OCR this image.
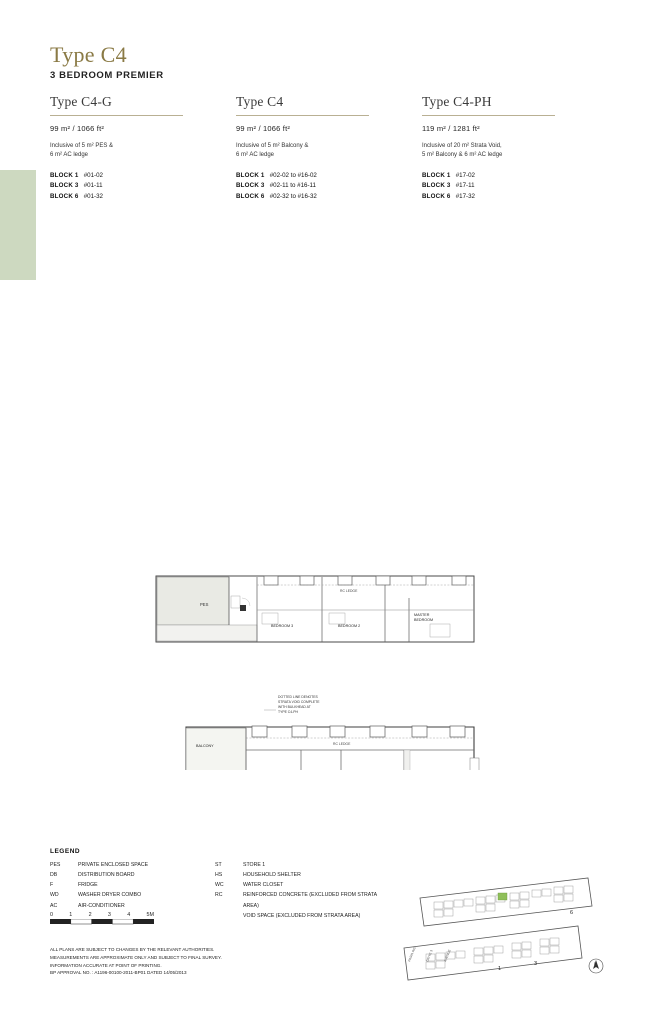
Type C4
3 BEDROOM PREMIER
Type C4-G
99 m² / 1066 ft²
Inclusive of 5 m² PES &
6 m² AC ledge
BLOCK 1 #01-02
BLOCK 3 #01-11
BLOCK 6 #01-32
Type C4
99 m² / 1066 ft²
Inclusive of 5 m² Balcony &
6 m² AC ledge
BLOCK 1 #02-02 to #16-02
BLOCK 3 #02-11 to #16-11
BLOCK 6 #02-32 to #16-32
Type C4-PH
119 m² / 1281 ft²
Inclusive of 20 m² Strata Void,
5 m² Balcony & 6 m² AC ledge
BLOCK 1 #17-02
BLOCK 3 #17-11
BLOCK 6 #17-32
PES
RC LEDGE
BEDROOM 3	BEDROOM 2
MASTER
BEDROOM
DOTTED LINE DENOTES
STRATA VOID COMPLETE
WITH BULKHEAD AT
TYPE C4-PH
BALCONY	RC LEDGE
LEGEND
PES	PRIVATE ENCLOSED SPACE
DB	DISTRIBUTION BOARD
F	FRIDGE
WD	WASHER DRYER COMBO
AC	AIR-CONDITIONER
ST	STORE 1
HS	HOUSEHOLD SHELTER
WC	WATER CLOSET
RC	REINFORCED CONCRETE (EXCLUDED FROM STRATA AREA)
VOID SPACE (EXCLUDED FROM STRATA AREA)
0	1	2	3	4	5M
ALL PLANS ARE SUBJECT TO CHANGES BY THE RELEVANT AUTHORITIES.
MEASUREMENTS ARE APPROXIMATE ONLY AND SUBJECT TO FINAL SURVEY.
INFORMATION ACCURATE AT POINT OF PRINTING.
BP APPROVAL NO. : A1196-00100-2011-BP01 DATED 14/05/2013
1
3
6
PASIR RIS	DRIVE 3	AVENUE
N
